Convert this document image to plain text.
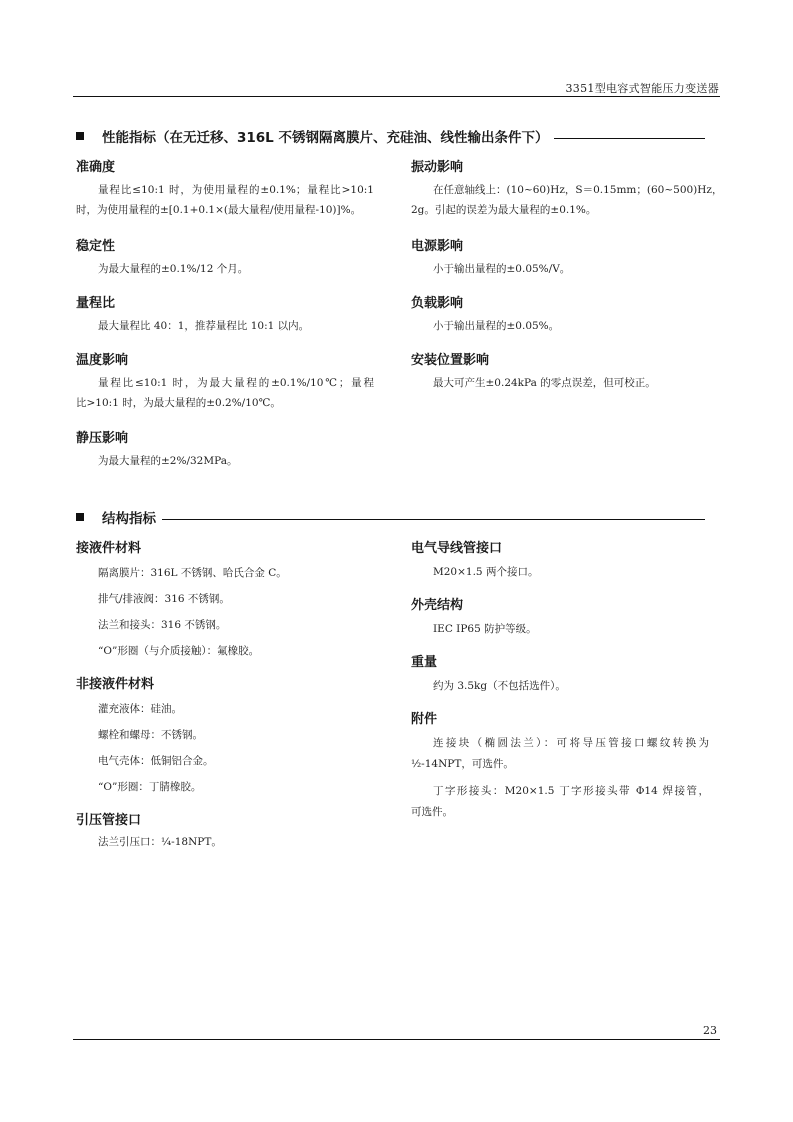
3351型电容式智能压力变送器
性能指标（在无迁移、316L 不锈钢隔离膜片、充硅油、线性输出条件下）
准确度
量程比≤10:1 时，为使用量程的±0.1%；量程比>10:1
时，为使用量程的±[0.1+0.1×(最大量程/使用量程-10)]%。
稳定性
为最大量程的±0.1%/12 个月。
量程比
最大量程比 40：1，推荐量程比 10:1 以内。
温度影响
量程比≤10:1 时，为最大量程的±0.1%/10℃；量程
比>10:1 时，为最大量程的±0.2%/10℃。
静压影响
为最大量程的±2%/32MPa。
振动影响
在任意轴线上：(10~60)Hz，S＝0.15mm；(60~500)Hz，
2g。引起的误差为最大量程的±0.1%。
电源影响
小于输出量程的±0.05%/V。
负载影响
小于输出量程的±0.05%。
安装位置影响
最大可产生±0.24kPa 的零点误差，但可校正。
结构指标
接液件材料
隔离膜片：316L 不锈钢、哈氏合金 C。
排气/排液阀：316 不锈钢。
法兰和接头：316 不锈钢。
“O”形圈（与介质接触）：氟橡胶。
非接液件材料
灌充液体：硅油。
螺栓和螺母：不锈钢。
电气壳体：低铜铝合金。
“O”形圈：丁腈橡胶。
引压管接口
法兰引压口：¼-18NPT。
电气导线管接口
M20×1.5 两个接口。
外壳结构
IEC IP65 防护等级。
重量
约为 3.5kg（不包括选件）。
附件
连接块（椭圆法兰）：可将导压管接口螺纹转换为
½-14NPT，可选件。
丁字形接头：M20×1.5 丁字形接头带 Φ14 焊接管，
可选件。
23
